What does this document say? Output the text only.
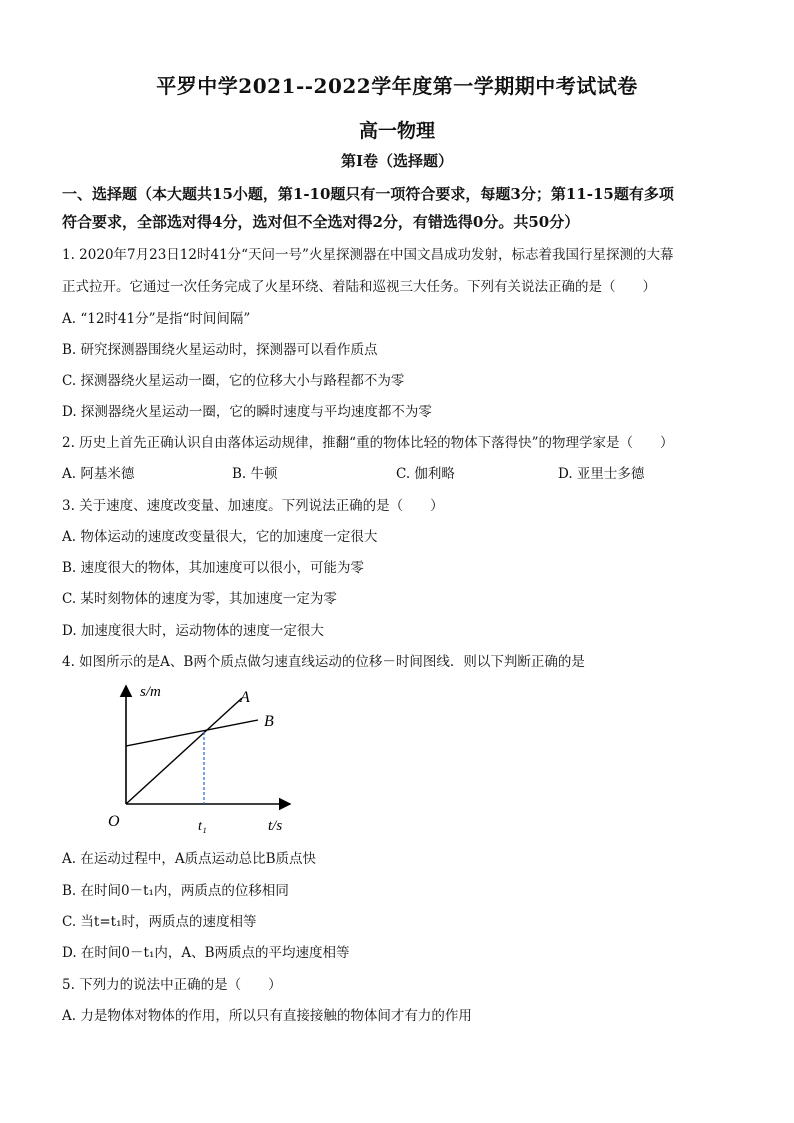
平罗中学2021--2022学年度第一学期期中考试试卷
高一物理
第I卷（选择题）
一、选择题（本大题共15小题，第1-10题只有一项符合要求，每题3分；第11-15题有多项
符合要求，全部选对得4分，选对但不全选对得2分，有错选得0分。共50分）
1. 2020年7月23日12时41分“天问一号”火星探测器在中国文昌成功发射，标志着我国行星探测的大幕
正式拉开。它通过一次任务完成了火星环绕、着陆和巡视三大任务。下列有关说法正确的是（　　）
A. “12时41分”是指“时间间隔”
B. 研究探测器围绕火星运动时，探测器可以看作质点
C. 探测器绕火星运动一圈，它的位移大小与路程都不为零
D. 探测器绕火星运动一圈，它的瞬时速度与平均速度都不为零
2. 历史上首先正确认识自由落体运动规律，推翻“重的物体比轻的物体下落得快”的物理学家是（　　）
A. 阿基米德	B. 牛顿	C. 伽利略	D. 亚里士多德
3. 关于速度、速度改变量、加速度。下列说法正确的是（　　）
A. 物体运动的速度改变量很大，它的加速度一定很大
B. 速度很大的物体，其加速度可以很小，可能为零
C. 某时刻物体的速度为零，其加速度一定为零
D. 加速度很大时，运动物体的速度一定很大
4. 如图所示的是A、B两个质点做匀速直线运动的位移－时间图线．则以下判断正确的是
s/m
t/s
O	t₁
A
B
A. 在运动过程中，A质点运动总比B质点快
B. 在时间0－t₁内，两质点的位移相同
C. 当t=t₁时，两质点的速度相等
D. 在时间0－t₁内，A、B两质点的平均速度相等
5. 下列力的说法中正确的是（　　）
A. 力是物体对物体的作用，所以只有直接接触的物体间才有力的作用
